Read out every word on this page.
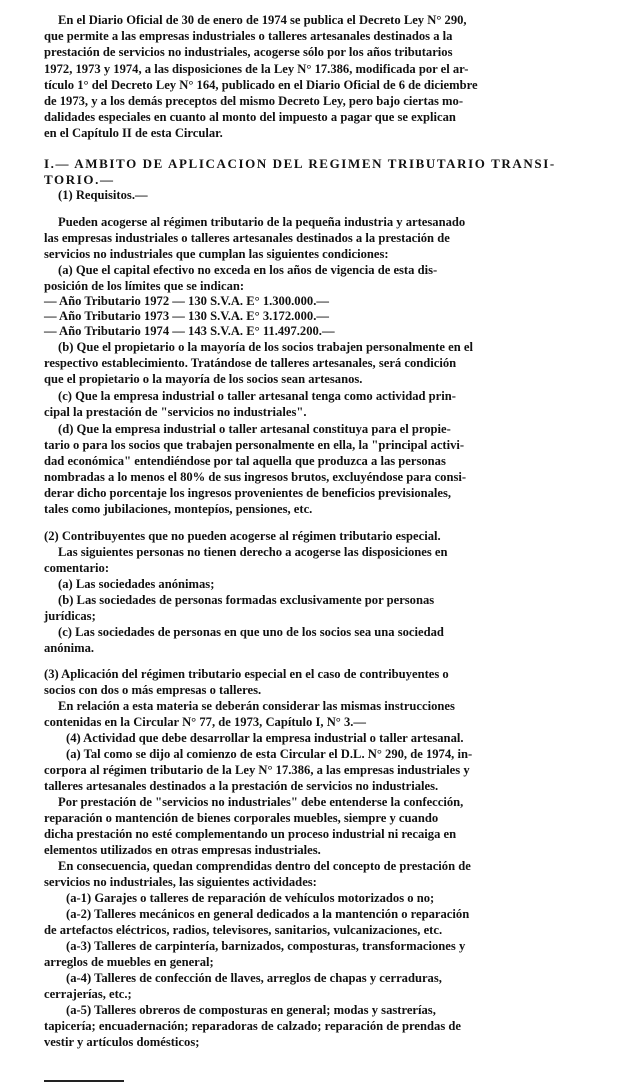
En el Diario Oficial de 30 de enero de 1974 se publica el Decreto Ley N° 290,
que permite a las empresas industriales o talleres artesanales destinados a la
prestación de servicios no industriales, acogerse sólo por los años tributarios
1972, 1973 y 1974, a las disposiciones de la Ley N° 17.386, modificada por el ar-
tículo 1° del Decreto Ley N° 164, publicado en el Diario Oficial de 6 de diciembre
de 1973, y a los demás preceptos del mismo Decreto Ley, pero bajo ciertas mo-
dalidades especiales en cuanto al monto del impuesto a pagar que se explican
en el Capítulo II de esta Circular.
I.— AMBITO DE APLICACION DEL REGIMEN TRIBUTARIO TRANSI-
TORIO.—
(1) Requisitos.—
Pueden acogerse al régimen tributario de la pequeña industria y artesanado
las empresas industriales o talleres artesanales destinados a la prestación de
servicios no industriales que cumplan las siguientes condiciones:
(a) Que el capital efectivo no exceda en los años de vigencia de esta dis-
posición de los límites que se indican:
— Año Tributario 1972 — 130 S.V.A. E° 1.300.000.—
— Año Tributario 1973 — 130 S.V.A. E° 3.172.000.—
— Año Tributario 1974 — 143 S.V.A. E° 11.497.200.—
(b) Que el propietario o la mayoría de los socios trabajen personalmente en el
respectivo establecimiento. Tratándose de talleres artesanales, será condición
que el propietario o la mayoría de los socios sean artesanos.
(c) Que la empresa industrial o taller artesanal tenga como actividad prin-
cipal la prestación de "servicios no industriales".
(d) Que la empresa industrial o taller artesanal constituya para el propie-
tario o para los socios que trabajen personalmente en ella, la "principal activi-
dad económica" entendiéndose por tal aquella que produzca a las personas
nombradas a lo menos el 80% de sus ingresos brutos, excluyéndose para consi-
derar dicho porcentaje los ingresos provenientes de beneficios previsionales,
tales como jubilaciones, montepíos, pensiones, etc.
(2) Contribuyentes que no pueden acogerse al régimen tributario especial.
Las siguientes personas no tienen derecho a acogerse las disposiciones en
comentario:
(a) Las sociedades anónimas;
(b) Las sociedades de personas formadas exclusivamente por personas
jurídicas;
(c) Las sociedades de personas en que uno de los socios sea una sociedad
anónima.
(3) Aplicación del régimen tributario especial en el caso de contribuyentes o
socios con dos o más empresas o talleres.
En relación a esta materia se deberán considerar las mismas instrucciones
contenidas en la Circular N° 77, de 1973, Capítulo I, N° 3.—
(4) Actividad que debe desarrollar la empresa industrial o taller artesanal.
(a) Tal como se dijo al comienzo de esta Circular el D.L. N° 290, de 1974, in-
corpora al régimen tributario de la Ley N° 17.386, a las empresas industriales y
talleres artesanales destinados a la prestación de servicios no industriales.
Por prestación de "servicios no industriales" debe entenderse la confección,
reparación o mantención de bienes corporales muebles, siempre y cuando
dicha prestación no esté complementando un proceso industrial ni recaiga en
elementos utilizados en otras empresas industriales.
En consecuencia, quedan comprendidas dentro del concepto de prestación de
servicios no industriales, las siguientes actividades:
(a-1) Garajes o talleres de reparación de vehículos motorizados o no;
(a-2) Talleres mecánicos en general dedicados a la mantención o reparación
de artefactos eléctricos, radios, televisores, sanitarios, vulcanizaciones, etc.
(a-3) Talleres de carpintería, barnizados, composturas, transformaciones y
arreglos de muebles en general;
(a-4) Talleres de confección de llaves, arreglos de chapas y cerraduras,
cerrajerías, etc.;
(a-5) Talleres obreros de composturas en general; modas y sastrerías,
tapicería; encuadernación; reparadoras de calzado; reparación de prendas de
vestir y artículos domésticos;
